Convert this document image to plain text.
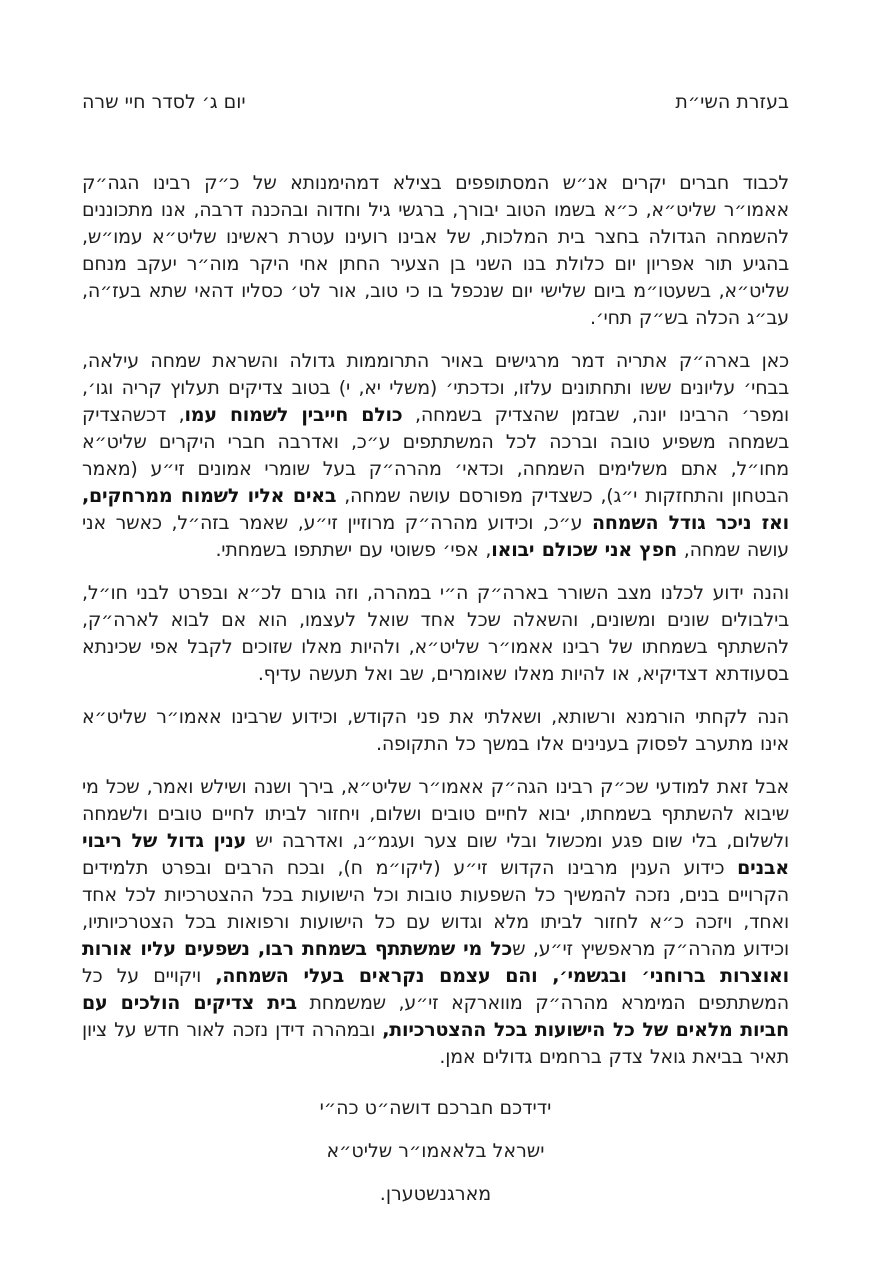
בעזרת השי״ת
יום ג׳ לסדר חיי שרה

לכבוד חברים יקרים אנ״ש המסתופפים בצילא דמהימנותא של כ״ק רבינו הגה״ק אאמו״ר שליט״א, כ״א בשמו הטוב יבורך, ברגשי גיל וחדוה ובהכנה דרבה, אנו מתכוננים להשמחה הגדולה בחצר בית המלכות, של אבינו רועינו עטרת ראשינו שליט״א עמו״ש, בהגיע תור אפריון יום כלולת בנו השני בן הצעיר החתן אחי היקר מוה״ר יעקב מנחם שליט״א, בשעטו״מ ביום שלישי יום שנכפל בו כי טוב, אור לט׳ כסליו דהאי שתא בעז״ה, עב״ג הכלה בש״ק תחי׳.

כאן בארה״ק אתריה דמר מרגישים באויר התרוממות גדולה והשראת שמחה עילאה, בבחי׳ עליונים ששו ותחתונים עלזו, וכדכתי׳ (משלי יא, י) בטוב צדיקים תעלוץ קריה וגו׳, ומפר׳ הרבינו יונה, שבזמן שהצדיק בשמחה, כולם חייבין לשמוח עמו, דכשהצדיק בשמחה משפיע טובה וברכה לכל המשתתפים ע״כ, ואדרבה חברי היקרים שליט״א מחו״ל, אתם משלימים השמחה, וכדאי׳ מהרה״ק בעל שומרי אמונים זי״ע (מאמר הבטחון והתחזקות י״ג), כשצדיק מפורסם עושה שמחה, באים אליו לשמוח ממרחקים, ואז ניכר גודל השמחה ע״כ, וכידוע מהרה״ק מרוזיין זי״ע, שאמר בזה״ל, כאשר אני עושה שמחה, חפץ אני שכולם יבואו, אפי׳ פשוטי עם ישתתפו בשמחתי.

והנה ידוע לכלנו מצב השורר בארה״ק ה״י במהרה, וזה גורם לכ״א ובפרט לבני חו״ל, בילבולים שונים ומשונים, והשאלה שכל אחד שואל לעצמו, הוא אם לבוא לארה״ק, להשתתף בשמחתו של רבינו אאמו״ר שליט״א, ולהיות מאלו שזוכים לקבל אפי שכינתא בסעודתא דצדיקיא, או להיות מאלו שאומרים, שב ואל תעשה עדיף.

הנה לקחתי הורמנא ורשותא, ושאלתי את פני הקודש, וכידוע שרבינו אאמו״ר שליט״א אינו מתערב לפסוק בענינים אלו במשך כל התקופה.

אבל זאת למודעי שכ״ק רבינו הגה״ק אאמו״ר שליט״א, בירך ושנה ושילש ואמר, שכל מי שיבוא להשתתף בשמחתו, יבוא לחיים טובים ושלום, ויחזור לביתו לחיים טובים ולשמחה ולשלום, בלי שום פגע ומכשול ובלי שום צער ועגמ״נ, ואדרבה יש ענין גדול של ריבוי אבנים כידוע הענין מרבינו הקדוש זי״ע (ליקו״מ ח), ובכח הרבים ובפרט תלמידים הקרויים בנים, נזכה להמשיך כל השפעות טובות וכל הישועות בכל ההצטרכיות לכל אחד ואחד, ויזכה כ״א לחזור לביתו מלא וגדוש עם כל הישועות ורפואות בכל הצטרכיותיו, וכידוע מהרה״ק מראפשיץ זי״ע, שכל מי שמשתתף בשמחת רבו, נשפעים עליו אורות ואוצרות ברוחני׳ ובגשמי׳, והם עצמם נקראים בעלי השמחה, ויקויים על כל המשתתפים המימרא מהרה״ק מווארקא זי״ע, שמשמחת בית צדיקים הולכים עם חביות מלאים של כל הישועות בכל ההצטרכיות, ובמהרה דידן נזכה לאור חדש על ציון תאיר בביאת גואל צדק ברחמים גדולים אמן.

ידידכם חברכם דושה״ט כה״י
ישראל בלאאמו״ר שליט״א
מארגנשטערן.
